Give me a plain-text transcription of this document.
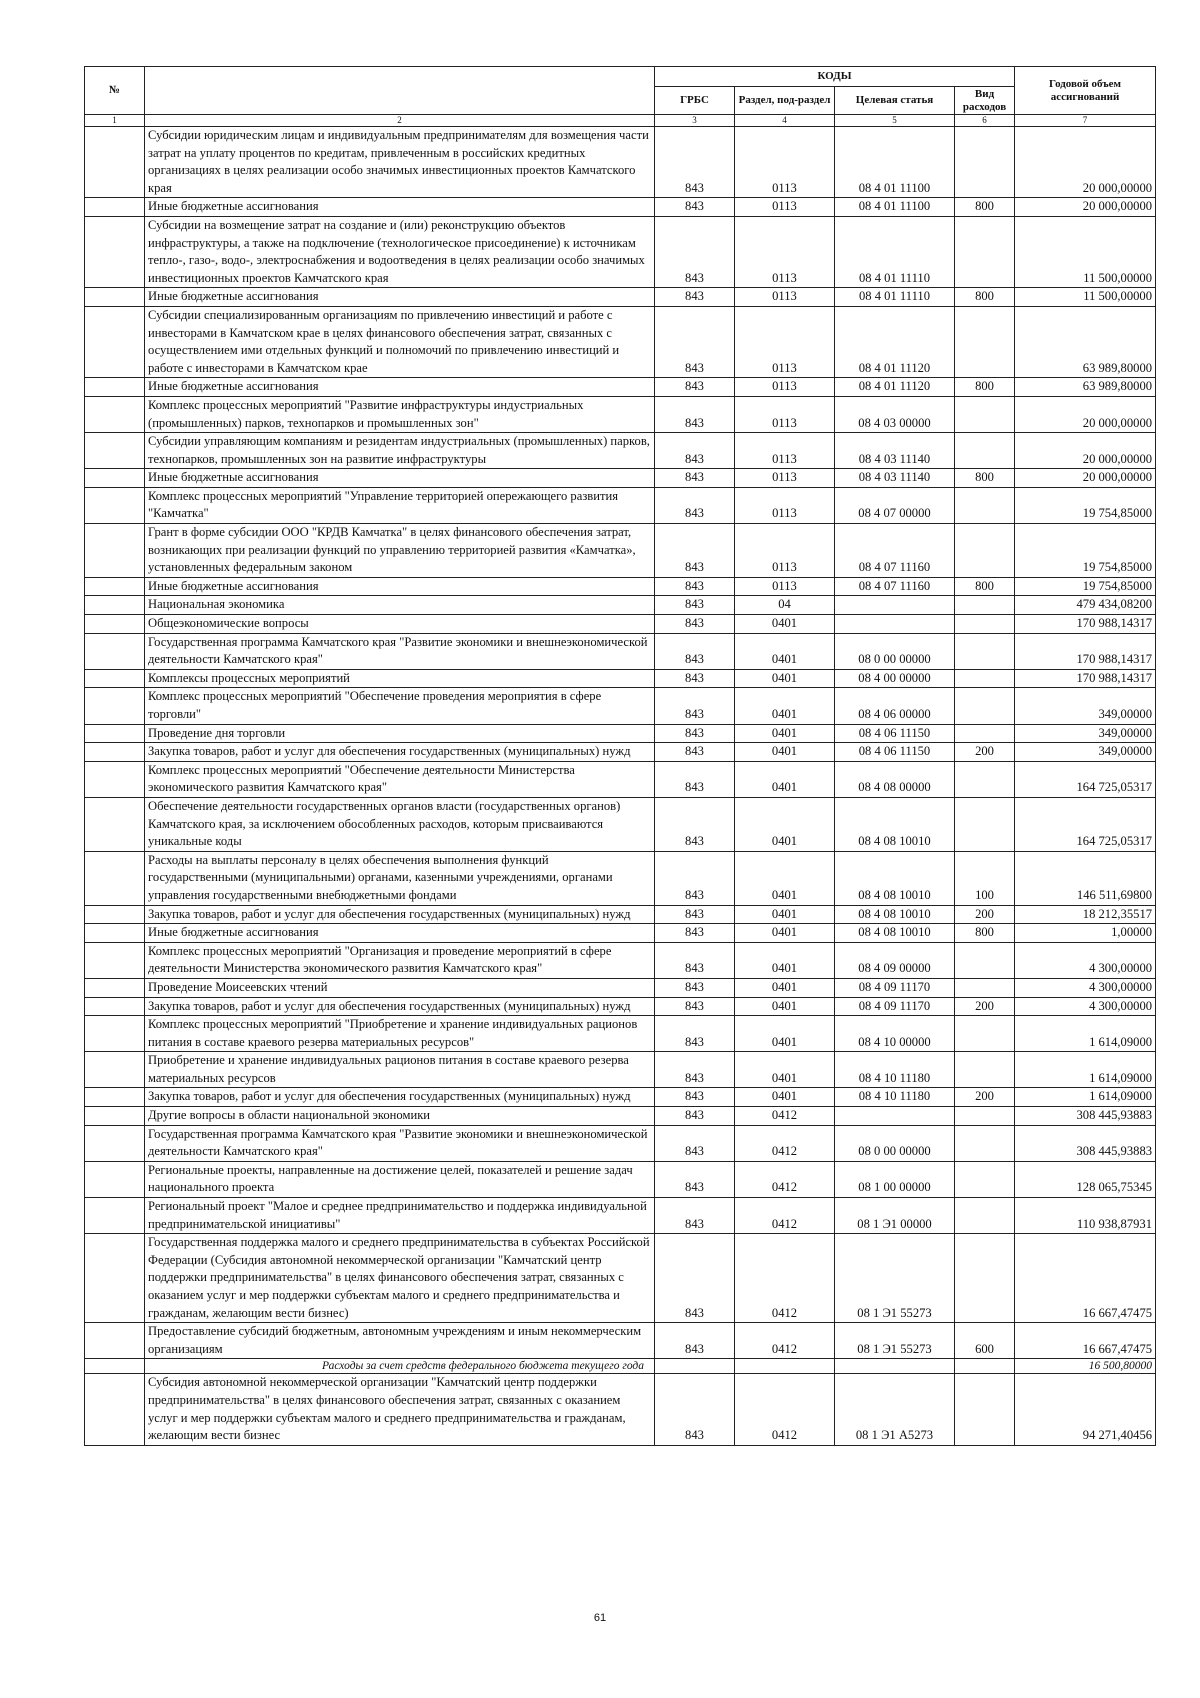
№		КОДЫ				Годовой объем ассигнований
		ГРБС	Раздел, под-раздел	Целевая статья	Вид расходов	
1	2	3	4	5	6	7
	Субсидии юридическим лицам и индивидуальным предпринимателям для возмещения части затрат на уплату процентов по кредитам, привлеченным в российских кредитных организациях в целях реализации особо значимых инвестиционных проектов Камчатского края	843	0113	08 4 01 11100		20 000,00000
	Иные бюджетные ассигнования	843	0113	08 4 01 11100	800	20 000,00000
	Субсидии на возмещение затрат на создание и (или) реконструкцию объектов инфраструктуры, а также на подключение (технологическое присоединение) к источникам тепло-, газо-, водо-, электроснабжения и водоотведения в целях реализации особо значимых инвестиционных проектов Камчатского края	843	0113	08 4 01 11110		11 500,00000
	Иные бюджетные ассигнования	843	0113	08 4 01 11110	800	11 500,00000
	Субсидии специализированным организациям по привлечению инвестиций и работе с инвесторами в Камчатском крае в целях финансового обеспечения затрат, связанных с осуществлением ими отдельных функций и полномочий по привлечению инвестиций и работе с инвесторами в Камчатском крае	843	0113	08 4 01 11120		63 989,80000
	Иные бюджетные ассигнования	843	0113	08 4 01 11120	800	63 989,80000
	Комплекс процессных мероприятий "Развитие инфраструктуры индустриальных (промышленных) парков, технопарков и промышленных зон"	843	0113	08 4 03 00000		20 000,00000
	Субсидии управляющим компаниям и резидентам индустриальных (промышленных) парков, технопарков, промышленных зон на развитие инфраструктуры	843	0113	08 4 03 11140		20 000,00000
	Иные бюджетные ассигнования	843	0113	08 4 03 11140	800	20 000,00000
	Комплекс процессных мероприятий "Управление территорией опережающего развития "Камчатка"	843	0113	08 4 07 00000		19 754,85000
	Грант в форме субсидии ООО "КРДВ Камчатка" в целях финансового обеспечения затрат, возникающих при реализации функций по управлению территорией развития «Камчатка», установленных федеральным законом	843	0113	08 4 07 11160		19 754,85000
	Иные бюджетные ассигнования	843	0113	08 4 07 11160	800	19 754,85000
	Национальная экономика	843	04			479 434,08200
	Общеэкономические вопросы	843	0401			170 988,14317
	Государственная программа Камчатского края "Развитие экономики и внешнеэкономической деятельности Камчатского края"	843	0401	08 0 00 00000		170 988,14317
	Комплексы процессных мероприятий	843	0401	08 4 00 00000		170 988,14317
	Комплекс процессных мероприятий "Обеспечение проведения мероприятия в сфере торговли"	843	0401	08 4 06 00000		349,00000
	Проведение дня торговли	843	0401	08 4 06 11150		349,00000
	Закупка товаров, работ и услуг для обеспечения государственных (муниципальных) нужд	843	0401	08 4 06 11150	200	349,00000
	Комплекс процессных мероприятий "Обеспечение деятельности Министерства экономического развития Камчатского края"	843	0401	08 4 08 00000		164 725,05317
	Обеспечение деятельности государственных органов власти (государственных органов) Камчатского края, за исключением обособленных расходов, которым присваиваются уникальные коды	843	0401	08 4 08 10010		164 725,05317
	Расходы на выплаты персоналу в целях обеспечения выполнения функций государственными (муниципальными) органами, казенными учреждениями, органами управления государственными внебюджетными фондами	843	0401	08 4 08 10010	100	146 511,69800
	Закупка товаров, работ и услуг для обеспечения государственных (муниципальных) нужд	843	0401	08 4 08 10010	200	18 212,35517
	Иные бюджетные ассигнования	843	0401	08 4 08 10010	800	1,00000
	Комплекс процессных мероприятий "Организация и проведение мероприятий в сфере деятельности Министерства экономического развития Камчатского края"	843	0401	08 4 09 00000		4 300,00000
	Проведение Моисеевских чтений	843	0401	08 4 09 11170		4 300,00000
	Закупка товаров, работ и услуг для обеспечения государственных (муниципальных) нужд	843	0401	08 4 09 11170	200	4 300,00000
	Комплекс процессных мероприятий "Приобретение и хранение индивидуальных рационов питания в составе краевого резерва материальных ресурсов"	843	0401	08 4 10 00000		1 614,09000
	Приобретение и хранение индивидуальных рационов питания в составе краевого резерва материальных ресурсов	843	0401	08 4 10 11180		1 614,09000
	Закупка товаров, работ и услуг для обеспечения государственных (муниципальных) нужд	843	0401	08 4 10 11180	200	1 614,09000
	Другие вопросы в области национальной экономики	843	0412			308 445,93883
	Государственная программа Камчатского края "Развитие экономики и внешнеэкономической деятельности Камчатского края"	843	0412	08 0 00 00000		308 445,93883
	Региональные проекты, направленные на достижение целей, показателей и решение задач национального проекта	843	0412	08 1 00 00000		128 065,75345
	Региональный проект "Малое и среднее предпринимательство и поддержка индивидуальной предпринимательской инициативы"	843	0412	08 1 Э1 00000		110 938,87931
	Государственная поддержка малого и среднего предпринимательства в субъектах Российской Федерации (Субсидия автономной некоммерческой организации "Камчатский центр поддержки предпринимательства" в целях финансового обеспечения затрат, связанных с оказанием услуг и мер поддержки субъектам малого и среднего предпринимательства и гражданам, желающим вести бизнес)	843	0412	08 1 Э1 55273		16 667,47475
	Предоставление субсидий бюджетным, автономным учреждениям и иным некоммерческим организациям	843	0412	08 1 Э1 55273	600	16 667,47475
	Расходы за счет средств федерального бюджета текущего года					16 500,80000
	Субсидия автономной некоммерческой организации "Камчатский центр поддержки предпринимательства" в целях финансового обеспечения затрат, связанных с оказанием услуг и мер поддержки субъектам малого и среднего предпринимательства и гражданам, желающим вести бизнес	843	0412	08 1 Э1 А5273		94 271,40456
61
